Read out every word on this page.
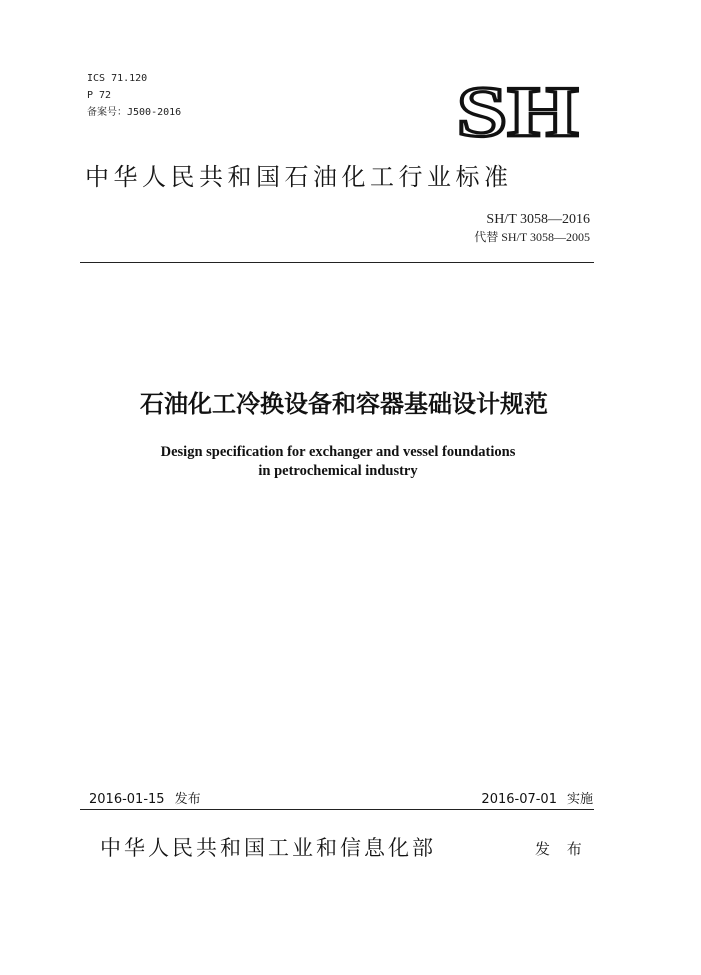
ICS 71.120
P 72
备案号：J500-2016	SH
中华人民共和国石油化工行业标准
SH/T 3058—2016
代替 SH/T 3058—2005
石油化工冷换设备和容器基础设计规范
Design specification for exchanger and vessel foundations
in petrochemical industry
2016-01-15 发布	2016-07-01 实施
中华人民共和国工业和信息化部	发 布
